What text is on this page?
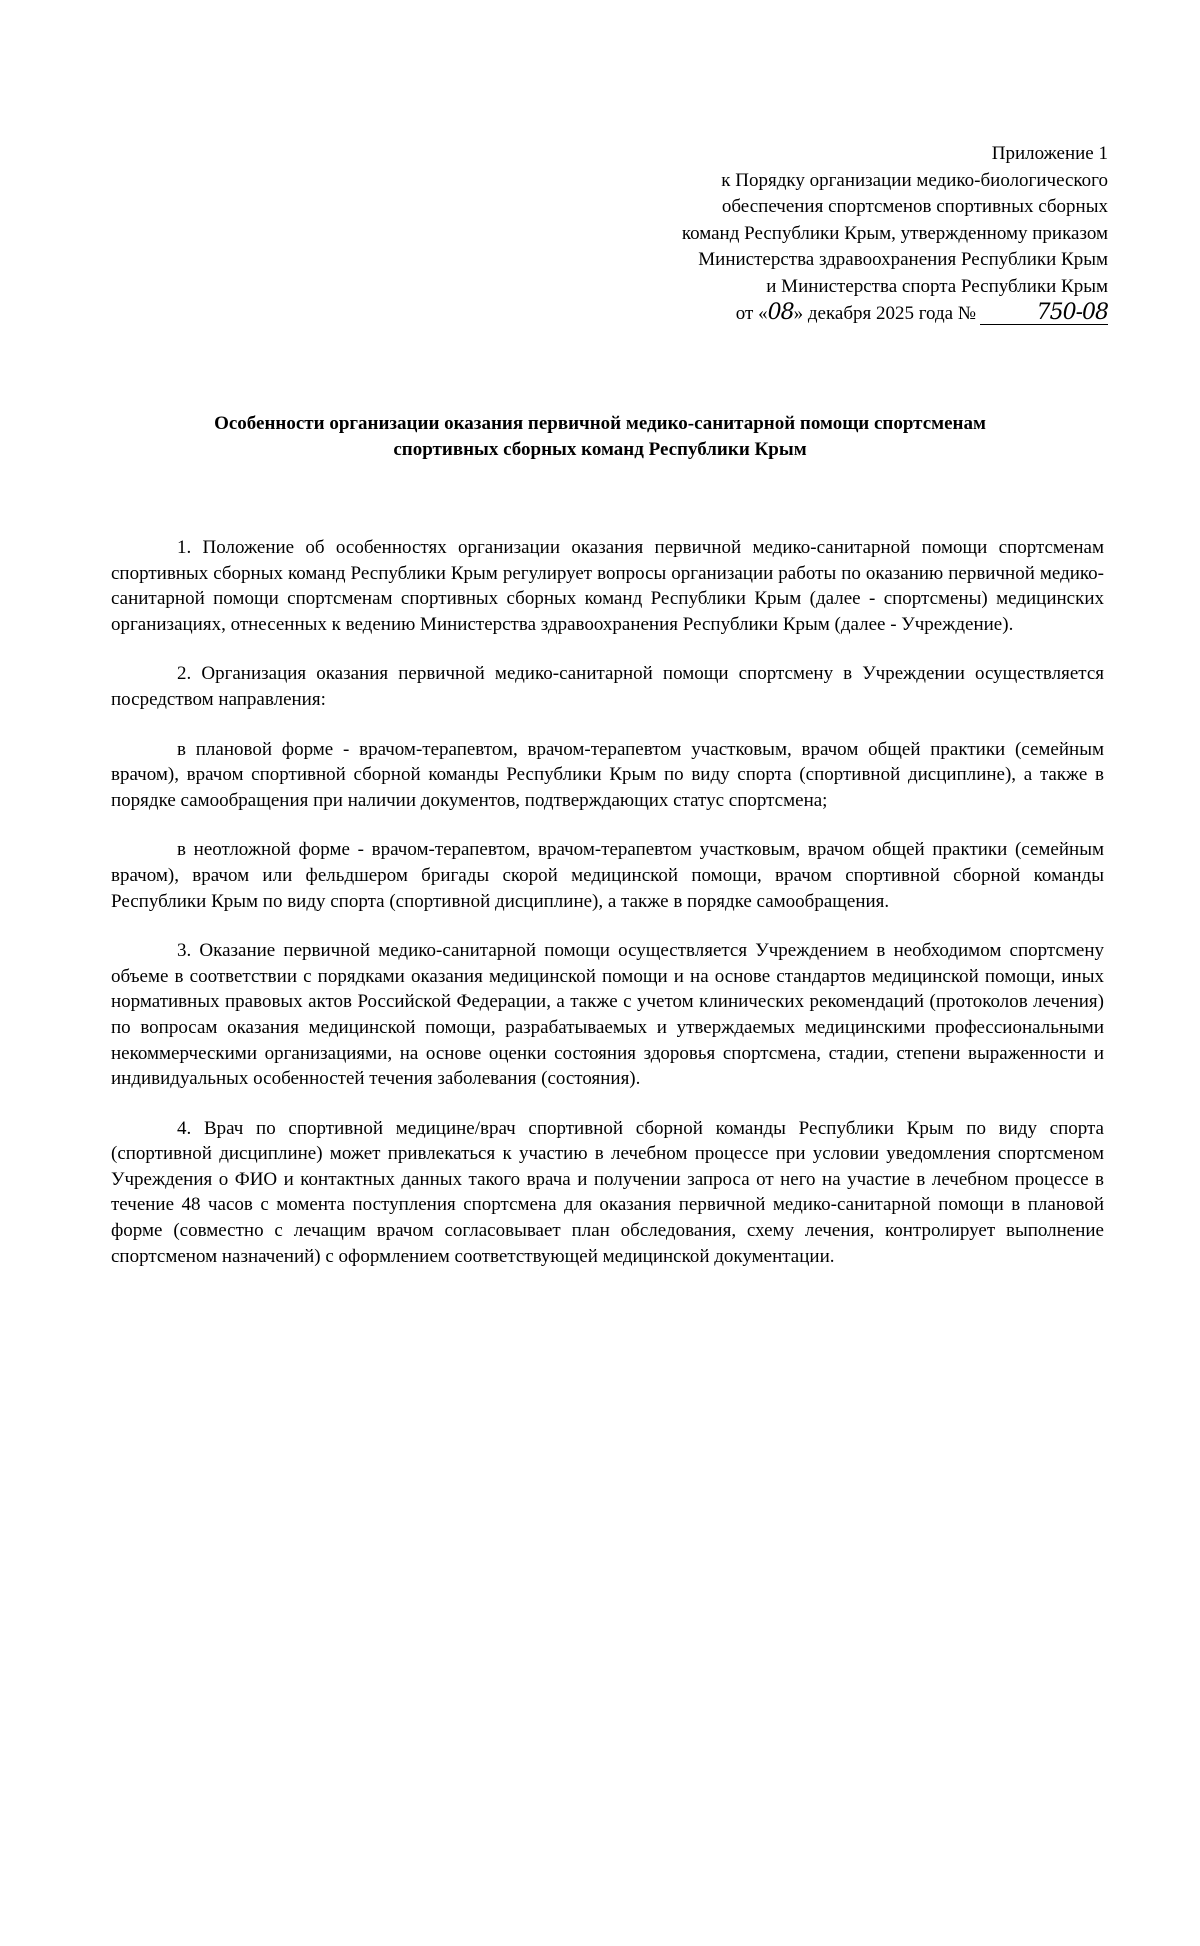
Приложение 1
к Порядку организации медико-биологического
обеспечения спортсменов спортивных сборных
команд Республики Крым, утвержденному приказом
Министерства здравоохранения Республики Крым
и Министерства спорта Республики Крым
от «08» декабря 2025 года №	750-08
Особенности организации оказания первичной медико-санитарной помощи спортсменам
спортивных сборных команд Республики Крым

1. Положение об особенностях организации оказания первичной медико-санитарной помощи спортсменам спортивных сборных команд Республики Крым регулирует вопросы организации работы по оказанию первичной медико-санитарной помощи спортсменам спортивных сборных команд Республики Крым (далее - спортсмены) медицинских организациях, отнесенных к ведению Министерства здравоохранения Республики Крым (далее - Учреждение).

2. Организация оказания первичной медико-санитарной помощи спортсмену в Учреждении осуществляется посредством направления:

в плановой форме - врачом-терапевтом, врачом-терапевтом участковым, врачом общей практики (семейным врачом), врачом спортивной сборной команды Республики Крым по виду спорта (спортивной дисциплине), а также в порядке самообращения при наличии документов, подтверждающих статус спортсмена;

в неотложной форме - врачом-терапевтом, врачом-терапевтом участковым, врачом общей практики (семейным врачом), врачом или фельдшером бригады скорой медицинской помощи, врачом спортивной сборной команды Республики Крым по виду спорта (спортивной дисциплине), а также в порядке самообращения.

3. Оказание первичной медико-санитарной помощи осуществляется Учреждением в необходимом спортсмену объеме в соответствии с порядками оказания медицинской помощи и на основе стандартов медицинской помощи, иных нормативных правовых актов Российской Федерации, а также с учетом клинических рекомендаций (протоколов лечения) по вопросам оказания медицинской помощи, разрабатываемых и утверждаемых медицинскими профессиональными некоммерческими организациями, на основе оценки состояния здоровья спортсмена, стадии, степени выраженности и индивидуальных особенностей течения заболевания (состояния).

4. Врач по спортивной медицине/врач спортивной сборной команды Республики Крым по виду спорта (спортивной дисциплине) может привлекаться к участию в лечебном процессе при условии уведомления спортсменом Учреждения о ФИО и контактных данных такого врача и получении запроса от него на участие в лечебном процессе в течение 48 часов с момента поступления спортсмена для оказания первичной медико-санитарной помощи в плановой форме (совместно с лечащим врачом согласовывает план обследования, схему лечения, контролирует выполнение спортсменом назначений) с оформлением соответствующей медицинской документации.
